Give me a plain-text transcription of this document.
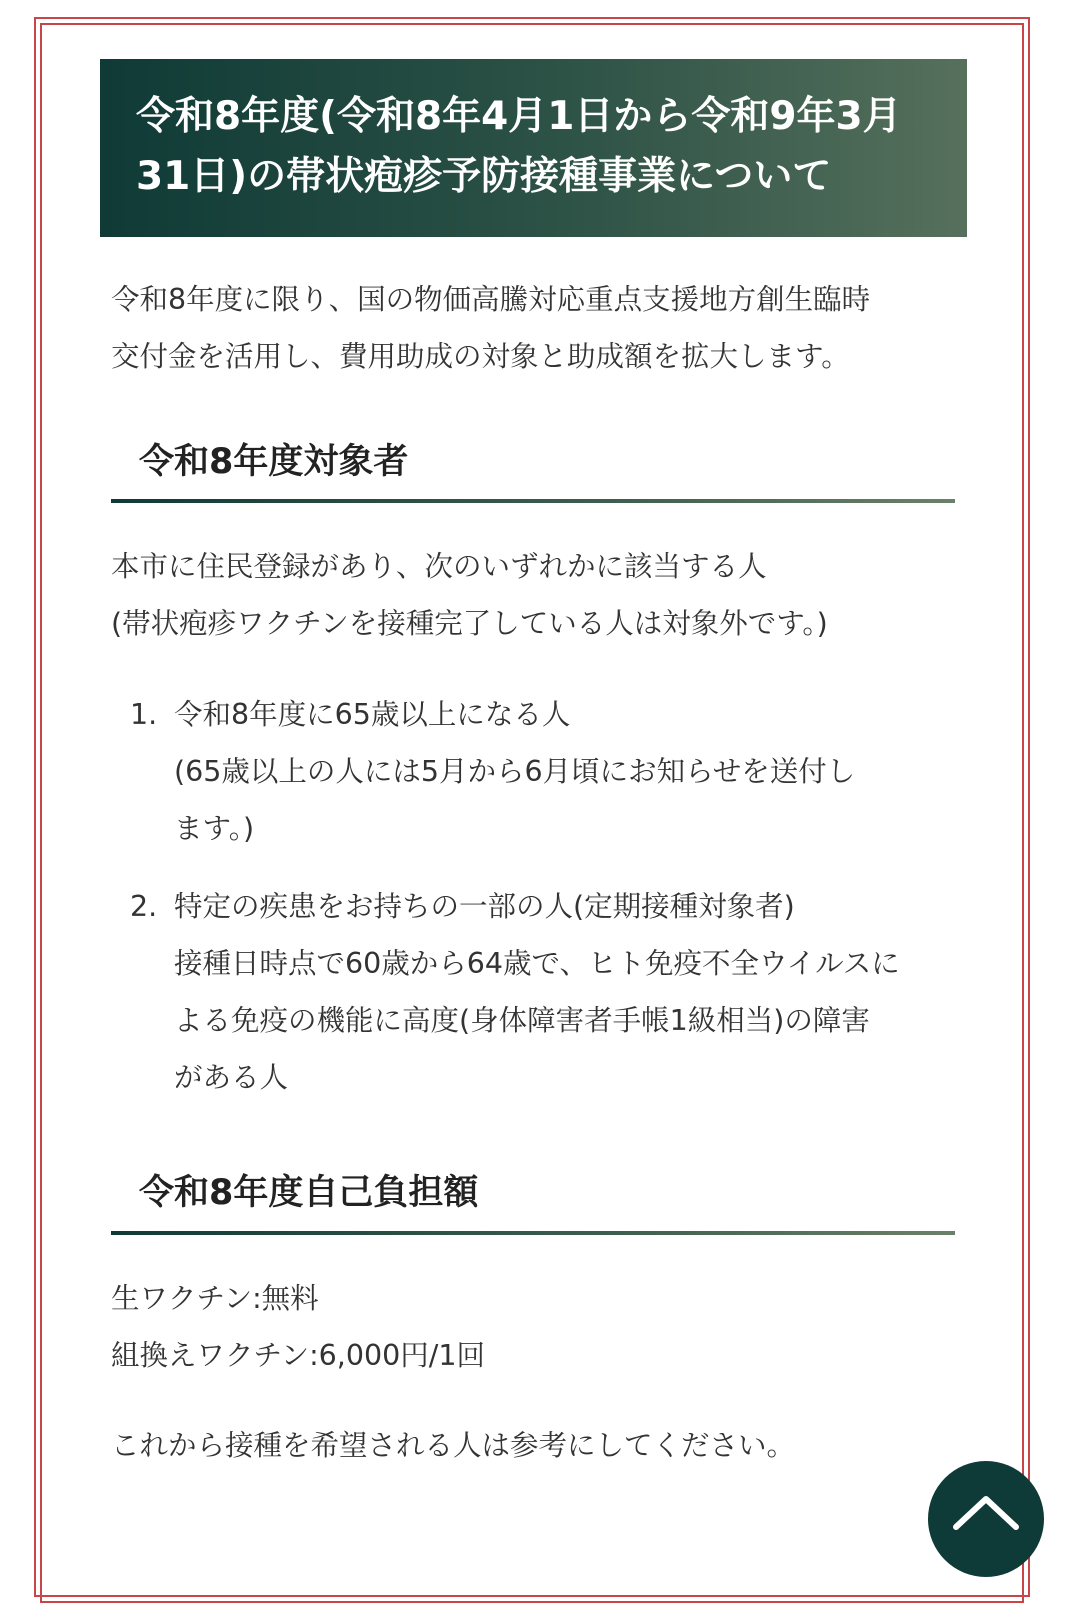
令和8年度(令和8年4月1日から令和9年3月
31日)の帯状疱疹予防接種事業について
令和8年度に限り、国の物価高騰対応重点支援地方創生臨時
交付金を活用し、費用助成の対象と助成額を拡大します。
令和8年度対象者
本市に住民登録があり、次のいずれかに該当する人
(帯状疱疹ワクチンを接種完了している人は対象外です。)
1. 令和8年度に65歳以上になる人
(65歳以上の人には5月から6月頃にお知らせを送付し
ます。)
2. 特定の疾患をお持ちの一部の人(定期接種対象者)
接種日時点で60歳から64歳で、ヒト免疫不全ウイルスに
よる免疫の機能に高度(身体障害者手帳1級相当)の障害
がある人
令和8年度自己負担額
生ワクチン:無料
組換えワクチン:6,000円/1回
これから接種を希望される人は参考にしてください。
